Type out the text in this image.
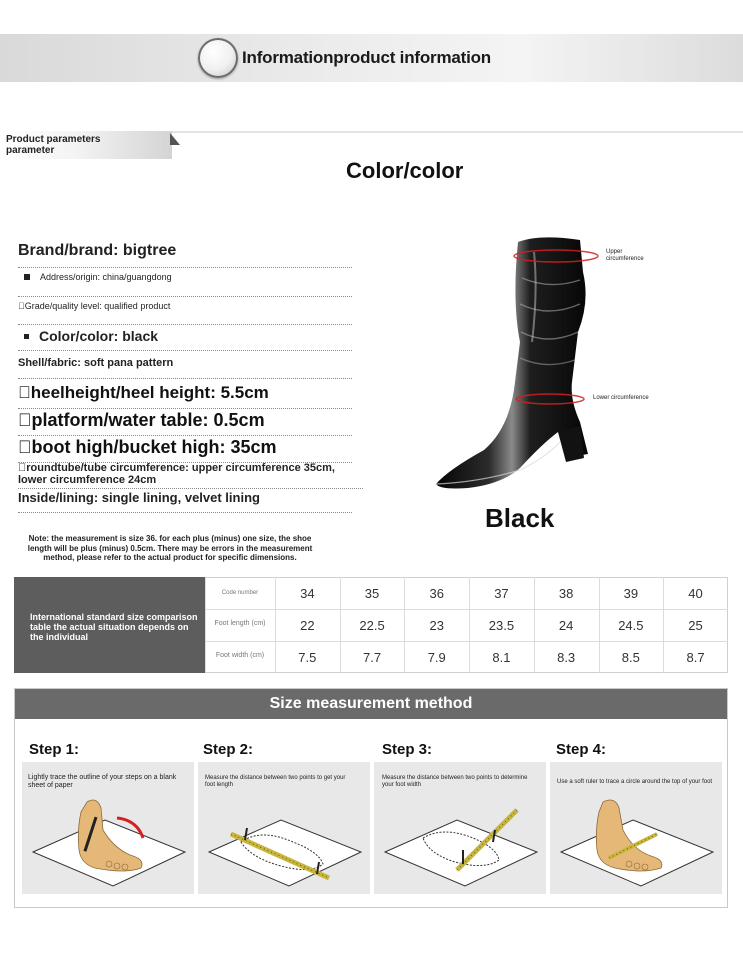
Informationproduct information
Product parameters
parameter
Color/color
Brand/brand: bigtree
Address/origin: china/guangdong
 Grade/quality level: qualified product
Color/color: black
Shell/fabric: soft pana pattern
 heelheight/heel height: 5.5cm
 platform/water table: 0.5cm
 boot high/bucket high: 35cm
 roundtube/tube circumference: upper circumference 35cm, lower circumference 24cm
Inside/lining: single lining, velvet lining
Note: the measurement is size 36. for each plus (minus) one size, the shoe length will be plus (minus) 0.5cm. There may be errors in the measurement method, please refer to the actual product for specific dimensions.
Upper circumference
Lower circumference
Black
International standard size comparison table the actual situation depends on the individual
Code number	34	35	36	37	38	39	40
Foot length (cm)	22	22.5	23	23.5	24	24.5	25
Foot width (cm)	7.5	7.7	7.9	8.1	8.3	8.5	8.7
Size measurement method
Step 1:	Step 2:	Step 3:	Step 4:
Lightly trace the outline of your steps on a blank sheet of paper
Measure the distance between two points to get your foot length
Measure the distance between two points to determine your foot width	Use a soft ruler to trace a circle around the top of your foot
